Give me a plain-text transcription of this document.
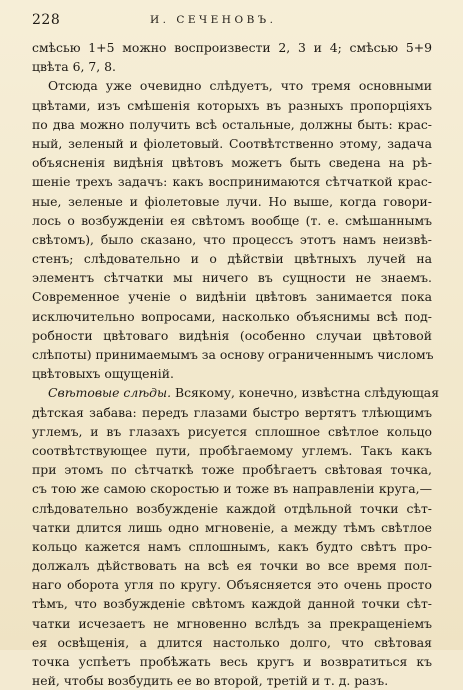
228	И. СЕЧЕНОВЪ.
смѣсью 1+5 можно воспроизвести 2, 3 и 4; смѣсью 5+9
цвѣта 6, 7, 8.
Отсюда уже очевидно слѣдуетъ, что тремя основными
цвѣтами, изъ смѣшенія которыхъ въ разныхъ пропорціяхъ
по два можно получить всѣ остальные, должны быть: крас-
ный, зеленый и фіолетовый. Соотвѣтственно этому, задача
объясненія видѣнія цвѣтовъ можетъ быть сведена на рѣ-
шеніе трехъ задачъ: какъ воспринимаются сѣтчаткой крас-
ные, зеленые и фіолетовые лучи. Но выше, когда говори-
лось о возбужденіи ея свѣтомъ вообще (т. е. смѣшаннымъ
свѣтомъ), было сказано, что процессъ этотъ намъ неизвѣ-
стенъ; слѣдовательно и о дѣйствіи цвѣтныхъ лучей на
элементъ сѣтчатки мы ничего въ сущности не знаемъ.
Современное ученіе о видѣніи цвѣтовъ занимается пока
исключительно вопросами, насколько объяснимы всѣ под-
робности цвѣтоваго видѣнія (особенно случаи цвѣтовой
слѣпоты) принимаемымъ за основу ограниченнымъ числомъ
цвѣтовыхъ ощущеній.
Свѣтовые слѣды. Всякому, конечно, извѣстна слѣдующая
дѣтская забава: передъ глазами быстро вертятъ тлѣющимъ
углемъ, и въ глазахъ рисуется сплошное свѣтлое кольцо
соотвѣтствующее пути, пробѣгаемому углемъ. Такъ какъ
при этомъ по сѣтчаткѣ тоже пробѣгаетъ свѣтовая точка,
съ тою же самою скоростью и тоже въ направленіи круга,—
слѣдовательно возбужденіе каждой отдѣльной точки сѣт-
чатки длится лишь одно мгновеніе, а между тѣмъ свѣтлое
кольцо кажется намъ сплошнымъ, какъ будто свѣтъ про-
должалъ дѣйствовать на всѣ ея точки во все время пол-
наго оборота угля по кругу. Объясняется это очень просто
тѣмъ, что возбужденіе свѣтомъ каждой данной точки сѣт-
чатки исчезаетъ не мгновенно вслѣдъ за прекращеніемъ
ея освѣщенія, а длится настолько долго, что свѣтовая
точка успѣетъ пробѣжать весь кругъ и возвратиться къ
ней, чтобы возбудить ее во второй, третій и т. д. разъ.
